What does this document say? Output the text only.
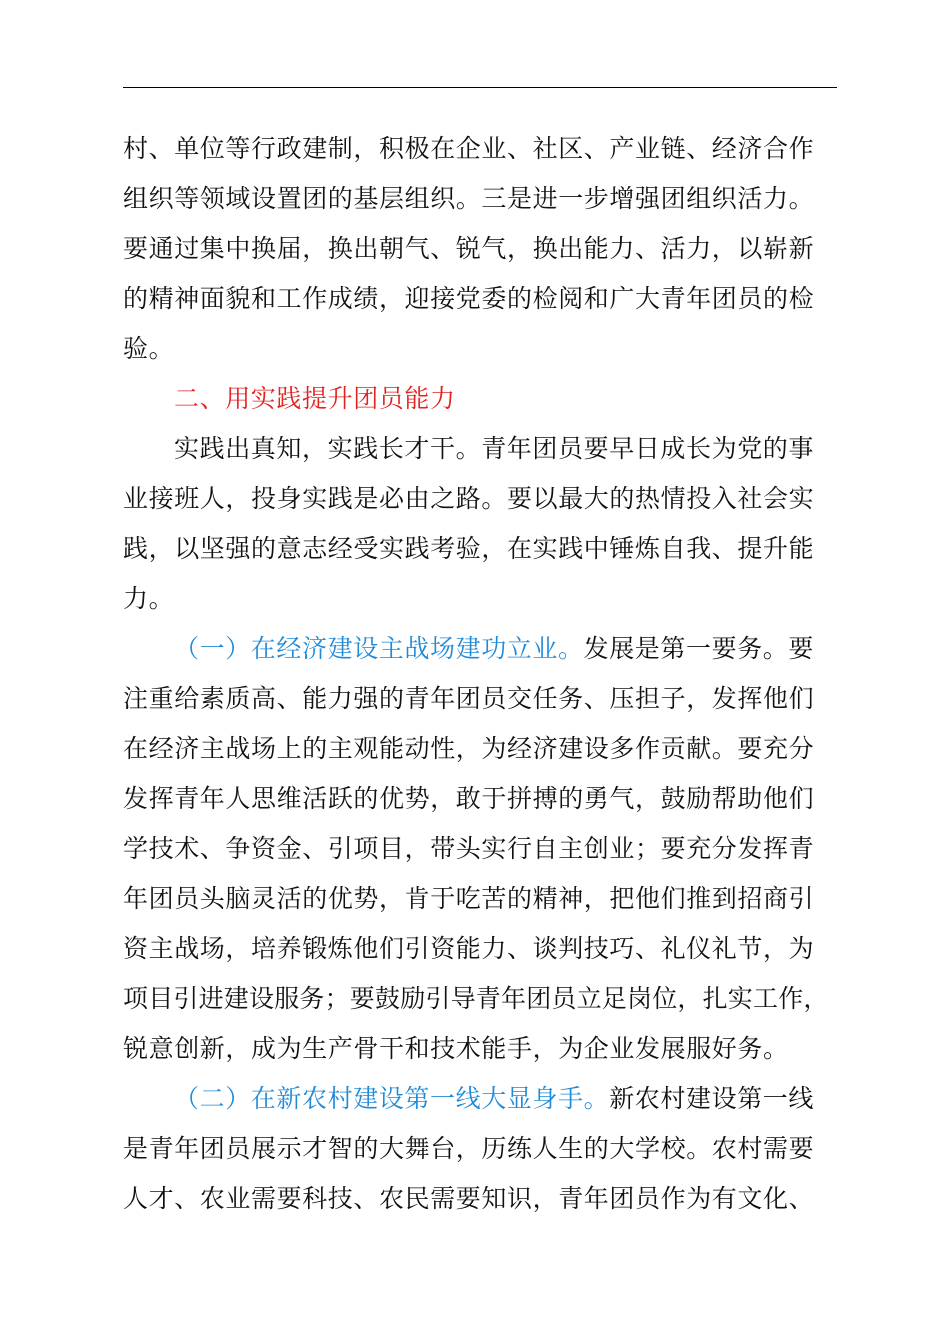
村、单位等行政建制，积极在企业、社区、产业链、经济合作
组织等领域设置团的基层组织。三是进一步增强团组织活力。
要通过集中换届，换出朝气、锐气，换出能力、活力，以崭新
的精神面貌和工作成绩，迎接党委的检阅和广大青年团员的检
验。
二、用实践提升团员能力
实践出真知，实践长才干。青年团员要早日成长为党的事
业接班人，投身实践是必由之路。要以最大的热情投入社会实
践，以坚强的意志经受实践考验，在实践中锤炼自我、提升能
力。
（一）在经济建设主战场建功立业。发展是第一要务。要
注重给素质高、能力强的青年团员交任务、压担子，发挥他们
在经济主战场上的主观能动性，为经济建设多作贡献。要充分
发挥青年人思维活跃的优势，敢于拼搏的勇气，鼓励帮助他们
学技术、争资金、引项目，带头实行自主创业；要充分发挥青
年团员头脑灵活的优势，肯于吃苦的精神，把他们推到招商引
资主战场，培养锻炼他们引资能力、谈判技巧、礼仪礼节，为
项目引进建设服务；要鼓励引导青年团员立足岗位，扎实工作，
锐意创新，成为生产骨干和技术能手，为企业发展服好务。
（二）在新农村建设第一线大显身手。新农村建设第一线
是青年团员展示才智的大舞台，历练人生的大学校。农村需要
人才、农业需要科技、农民需要知识，青年团员作为有文化、
